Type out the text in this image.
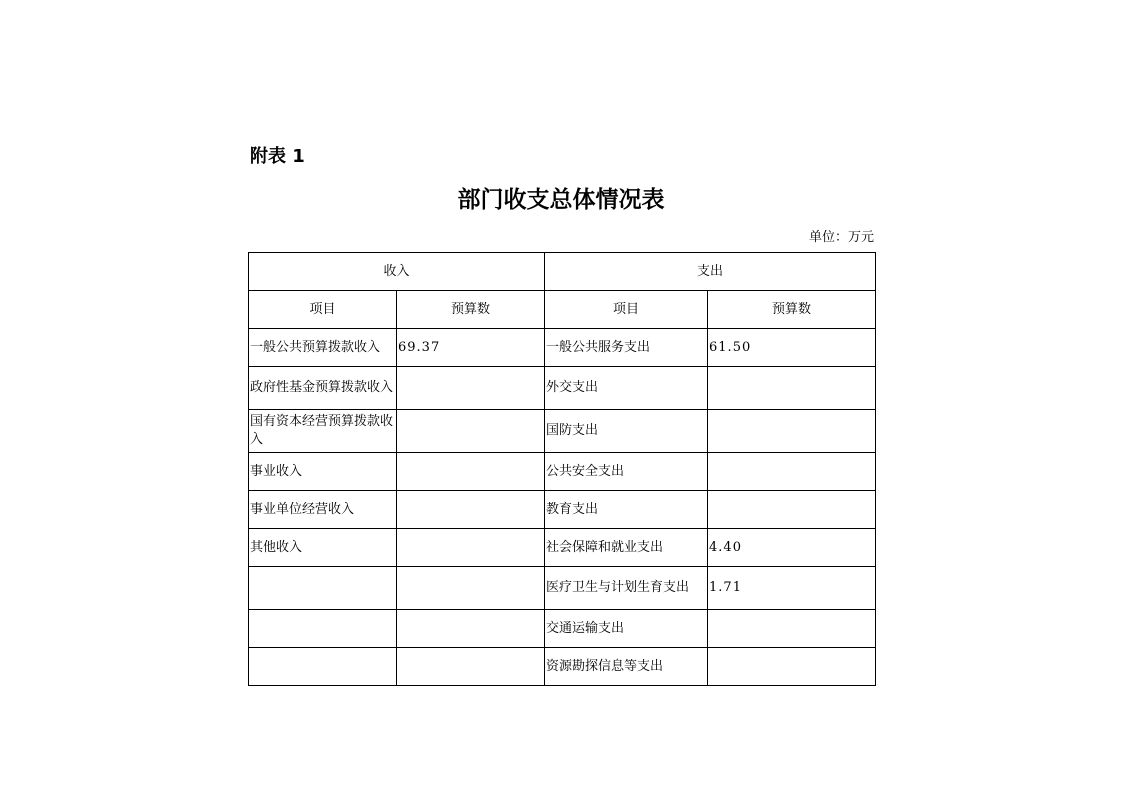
附表 1
部门收支总体情况表
单位：万元
收入		支出	
项目	预算数	项目	预算数
一般公共预算拨款收入	69.37	一般公共服务支出	61.50
政府性基金预算拨款收入		外交支出	
国有资本经营预算拨款收入		国防支出	
事业收入		公共安全支出	
事业单位经营收入		教育支出	
其他收入		社会保障和就业支出	4.40
		医疗卫生与计划生育支出	1.71
		交通运输支出	
		资源勘探信息等支出	
